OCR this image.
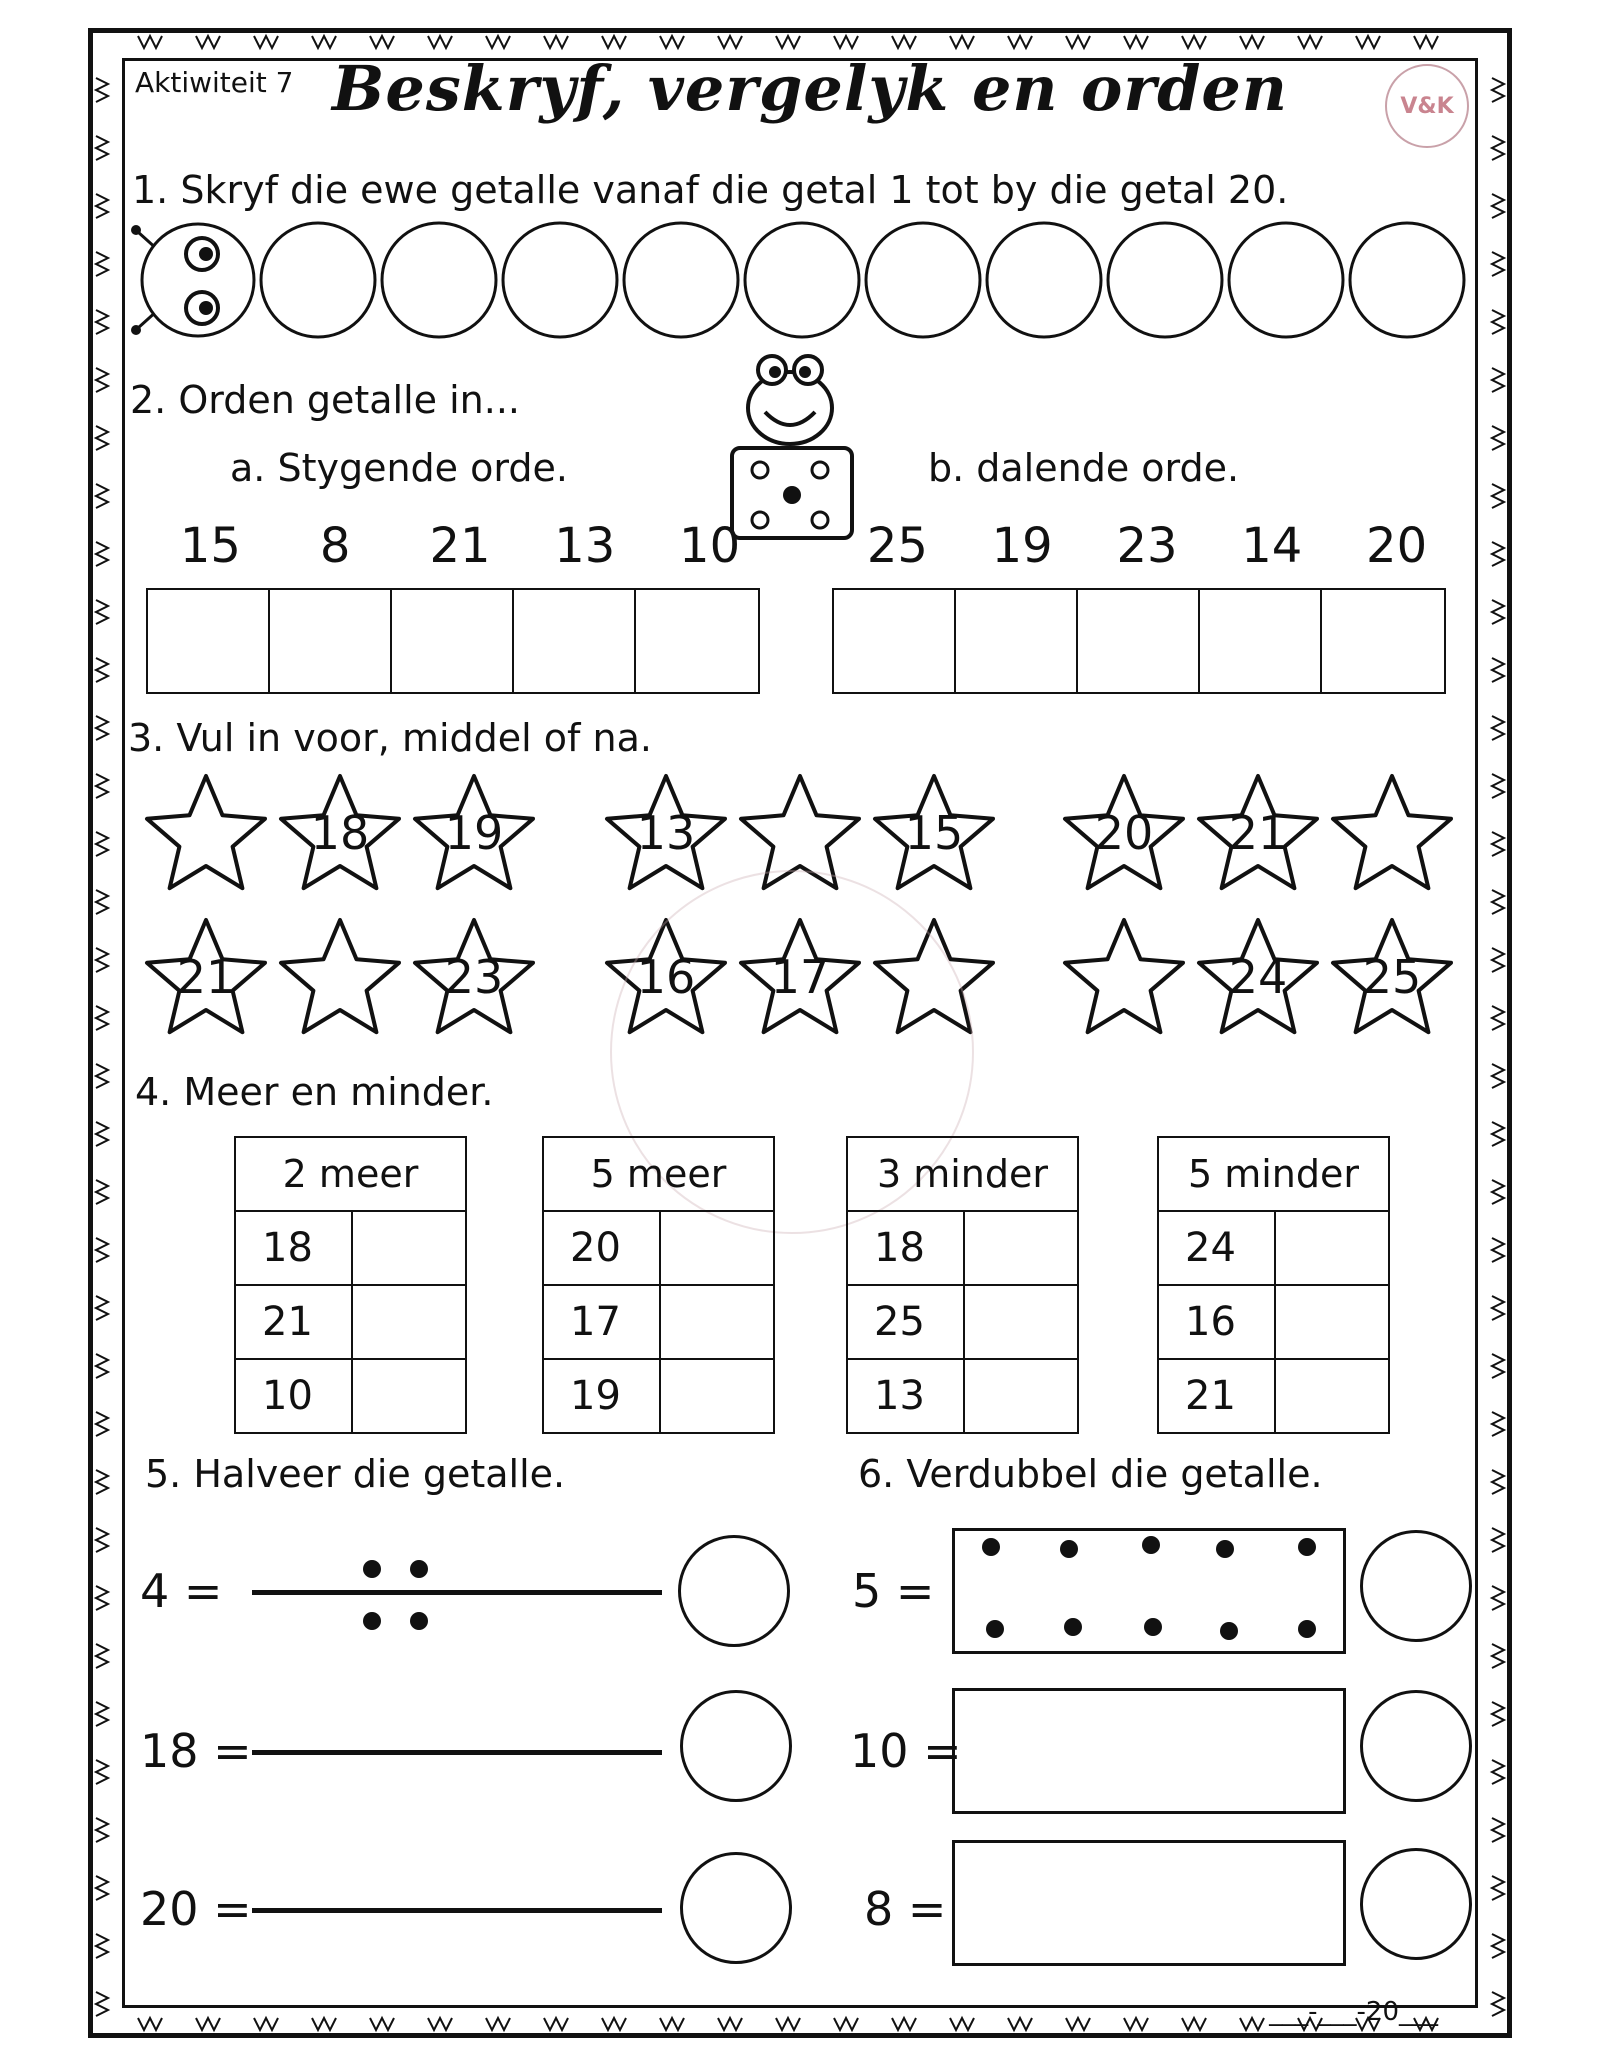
Aktiwiteit 7 Beskryf, vergelyk en orden	V&K
1. Skryf die ewe getalle vanaf die getal 1 tot by die getal 20.
2. Orden getalle in...
a. Stygende orde.	b. dalende orde.
15	8	21 13 10	25 19 23 14 20
3. Vul in voor, middel of na.
18	19	13	15	20	21
21	23	16	17	24	25
4. Meer en minder.
2 meer	
18	
21	
10	
5 meer	
20	
17	
19	
3 minder	
18	
25	
13	
5 minder	
24	
16	
21	
5. Halveer die getalle.	6. Verdubbel die getalle.
4 =
18 =
20 =
5 =
10 =
8 =
___-___-20___
